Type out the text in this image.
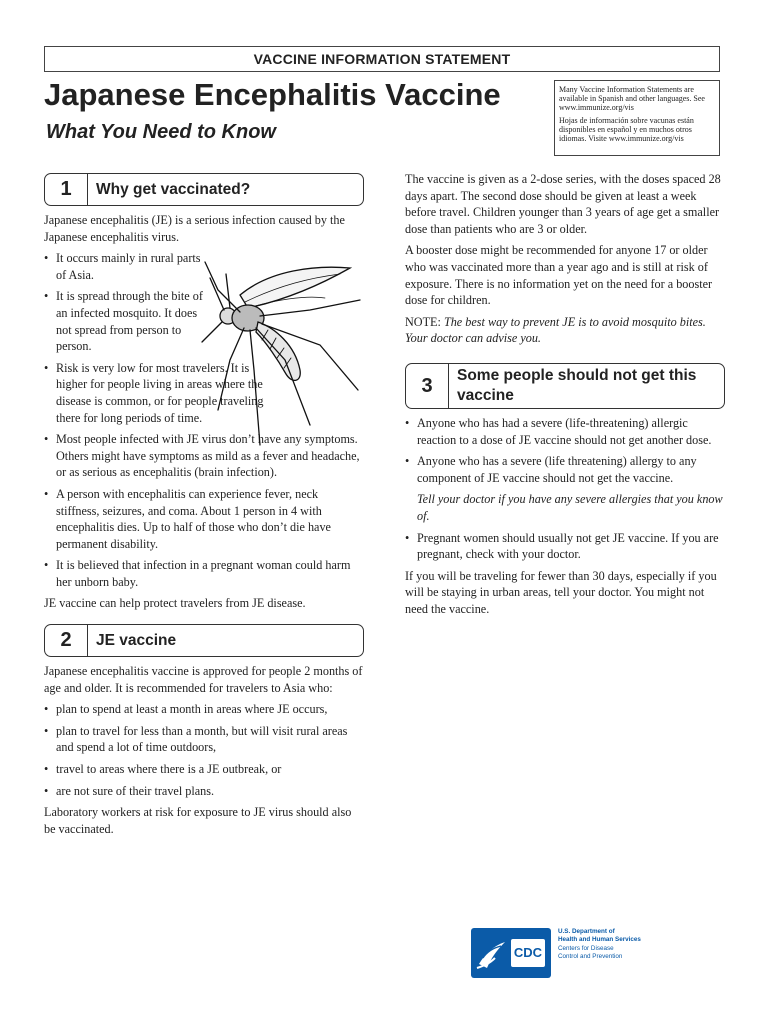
VACCINE INFORMATION STATEMENT
Japanese Encephalitis Vaccine
What You Need to Know

Many Vaccine Information Statements are available in Spanish and other languages. See www.immunize.org/vis

Hojas de información sobre vacunas están disponibles en español y en muchos otros idiomas. Visite www.immunize.org/vis

1	Why get vaccinated?

Japanese encephalitis (JE) is a serious infection caused by the Japanese encephalitis virus.

• It occurs mainly in rural parts of Asia.
• It is spread through the bite of an infected mosquito. It does not spread from person to person.
• Risk is very low for most travelers. It is higher for people living in areas where the disease is common, or for people traveling there for long periods of time.
• Most people infected with JE virus don’t have any symptoms. Others might have symptoms as mild as a fever and headache, or as serious as encephalitis (brain infection).
• A person with encephalitis can experience fever, neck stiffness, seizures, and coma. About 1 person in 4 with encephalitis dies. Up to half of those who don’t die have permanent disability.
• It is believed that infection in a pregnant woman could harm her unborn baby.

JE vaccine can help protect travelers from JE disease.

2	JE vaccine

Japanese encephalitis vaccine is approved for people 2 months of age and older. It is recommended for travelers to Asia who:

• plan to spend at least a month in areas where JE occurs,
• plan to travel for less than a month, but will visit rural areas and spend a lot of time outdoors,
• travel to areas where there is a JE outbreak, or
• are not sure of their travel plans.

Laboratory workers at risk for exposure to JE virus should also be vaccinated.

The vaccine is given as a 2-dose series, with the doses spaced 28 days apart. The second dose should be given at least a week before travel. Children younger than 3 years of age get a smaller dose than patients who are 3 or older.

A booster dose might be recommended for anyone 17 or older who was vaccinated more than a year ago and is still at risk of exposure. There is no information yet on the need for a booster dose for children.

NOTE: The best way to prevent JE is to avoid mosquito bites. Your doctor can advise you.

3	Some people should not get this vaccine
• Anyone who has had a severe (life-threatening) allergic reaction to a dose of JE vaccine should not get another dose.
• Anyone who has a severe (life threatening) allergy to any component of JE vaccine should not get the vaccine.

Tell your doctor if you have any severe allergies that you know of.

• Pregnant women should usually not get JE vaccine. If you are pregnant, check with your doctor.

If you will be traveling for fewer than 30 days, especially if you will be staying in urban areas, tell your doctor. You might not need the vaccine.

CDC
U.S. Department of
Health and Human Services
Centers for Disease
Control and Prevention
